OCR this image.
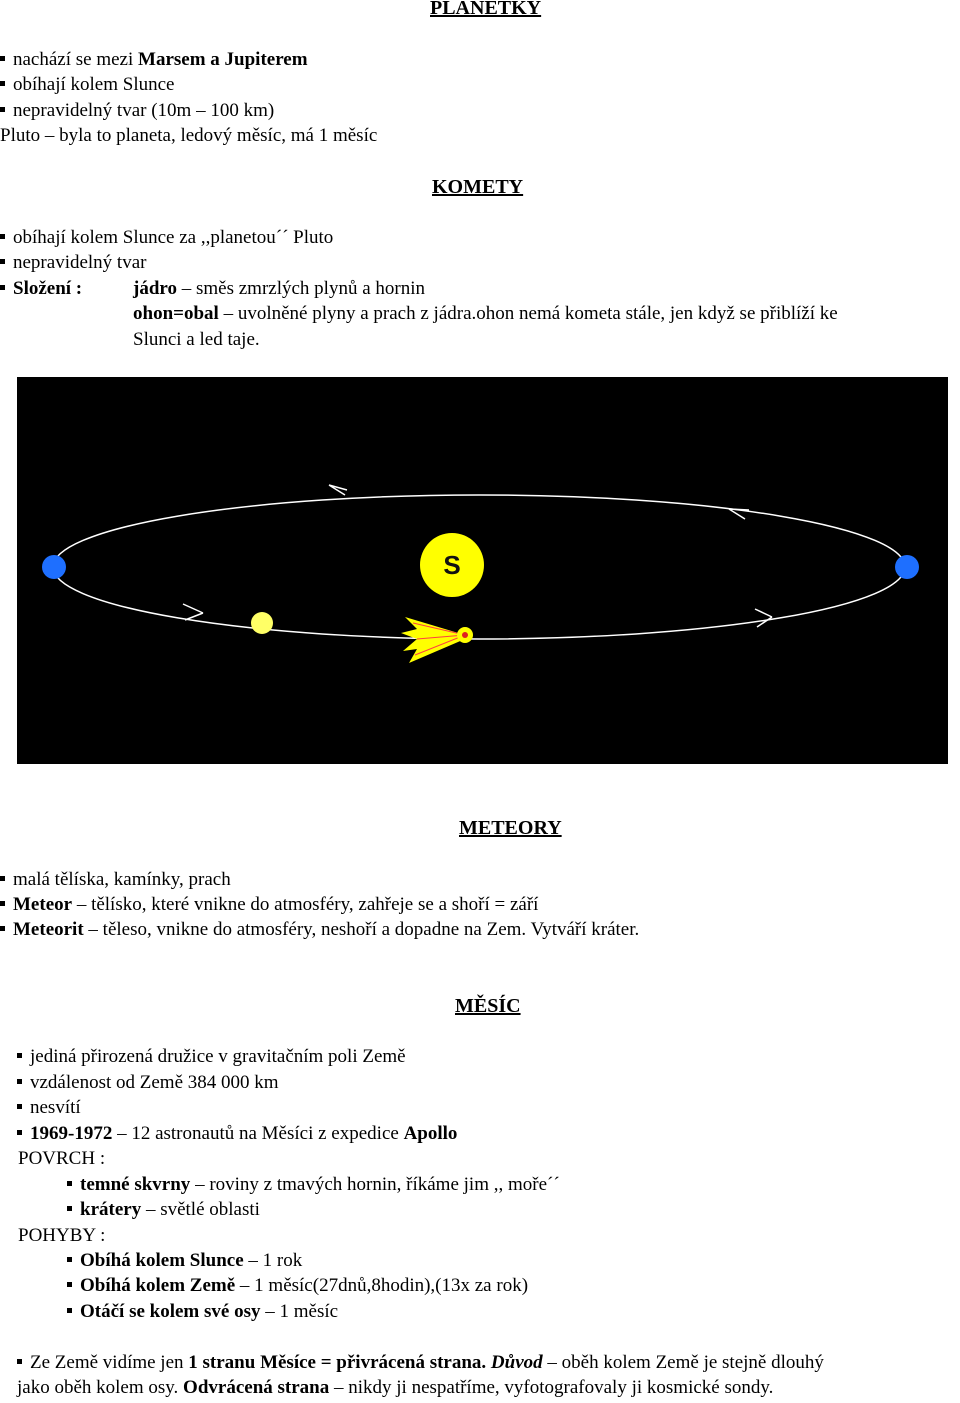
PLANETKY
nachází se mezi Marsem a Jupiterem
obíhají kolem Slunce
nepravidelný tvar (10m – 100 km)
Pluto – byla to planeta, ledový měsíc, má 1 měsíc
KOMETY
obíhají kolem Slunce za ,,planetou´´ Pluto
nepravidelný tvar
Složení :	jádro – směs zmrzlých plynů a hornin
ohon=obal – uvolněné plyny a prach z jádra.ohon nemá kometa stále, jen když se přiblíží ke
Slunci a led taje.
S
METEORY
malá tělíska, kamínky, prach
Meteor – tělísko, které vnikne do atmosféry, zahřeje se a shoří = září
Meteorit – těleso, vnikne do atmosféry, neshoří a dopadne na Zem. Vytváří kráter.
MĚSÍC
jediná přirozená družice v gravitačním poli Země
vzdálenost od Země 384 000 km
nesvítí
1969-1972 – 12 astronautů na Měsíci z expedice Apollo
POVRCH :
temné skvrny – roviny z tmavých hornin, říkáme jim ,, moře´´
krátery – světlé oblasti
POHYBY :
Obíhá kolem Slunce – 1 rok
Obíhá kolem Země – 1 měsíc(27dnů,8hodin),(13x za rok)
Otáčí se kolem své osy – 1 měsíc
Ze Země vidíme jen 1 stranu Měsíce = přivrácená strana. Důvod – oběh kolem Země je stejně dlouhý
jako oběh kolem osy. Odvrácená strana – nikdy ji nespatříme, vyfotografovaly ji kosmické sondy.
